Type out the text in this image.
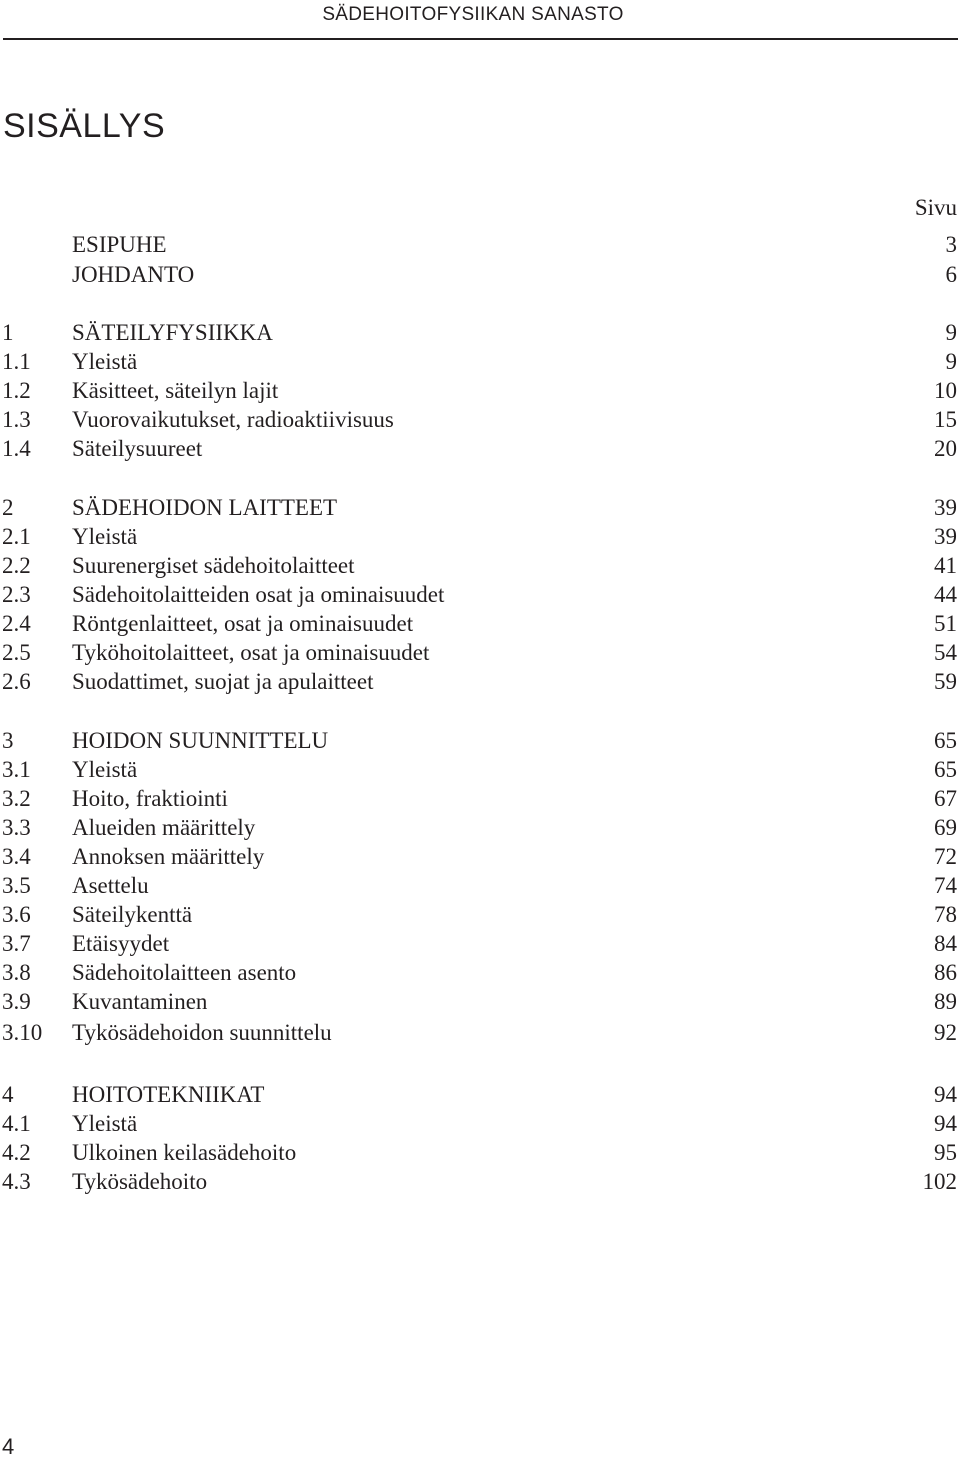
SÄDEHOITOFYSIIKAN SANASTO
SISÄLLYS
Sivu
ESIPUHE	3
JOHDANTO	6
1	SÄTEILYFYSIIKKA	9
1.1 Yleistä	9
1.2 Käsitteet, säteilyn lajit	10
1.3 Vuorovaikutukset, radioaktiivisuus	15
1.4 Säteilysuureet	20
2	SÄDEHOIDON LAITTEET	39
2.1 Yleistä	39
2.2 Suurenergiset sädehoitolaitteet	41
2.3 Sädehoitolaitteiden osat ja ominaisuudet	44
2.4 Röntgenlaitteet, osat ja ominaisuudet	51
2.5 Tyköhoitolaitteet, osat ja ominaisuudet	54
2.6 Suodattimet, suojat ja apulaitteet	59
3	HOIDON SUUNNITTELU	65
3.1 Yleistä	65
3.2 Hoito, fraktiointi	67
3.3 Alueiden määrittely	69
3.4 Annoksen määrittely	72
3.5 Asettelu	74
3.6 Säteilykenttä	78
3.7 Etäisyydet	84
3.8 Sädehoitolaitteen asento	86
3.9 Kuvantaminen	89
3.10 Tykösädehoidon suunnittelu	92
4	HOITOTEKNIIKAT	94
4.1 Yleistä	94
4.2 Ulkoinen keilasädehoito	95
4.3 Tykösädehoito	102
4
